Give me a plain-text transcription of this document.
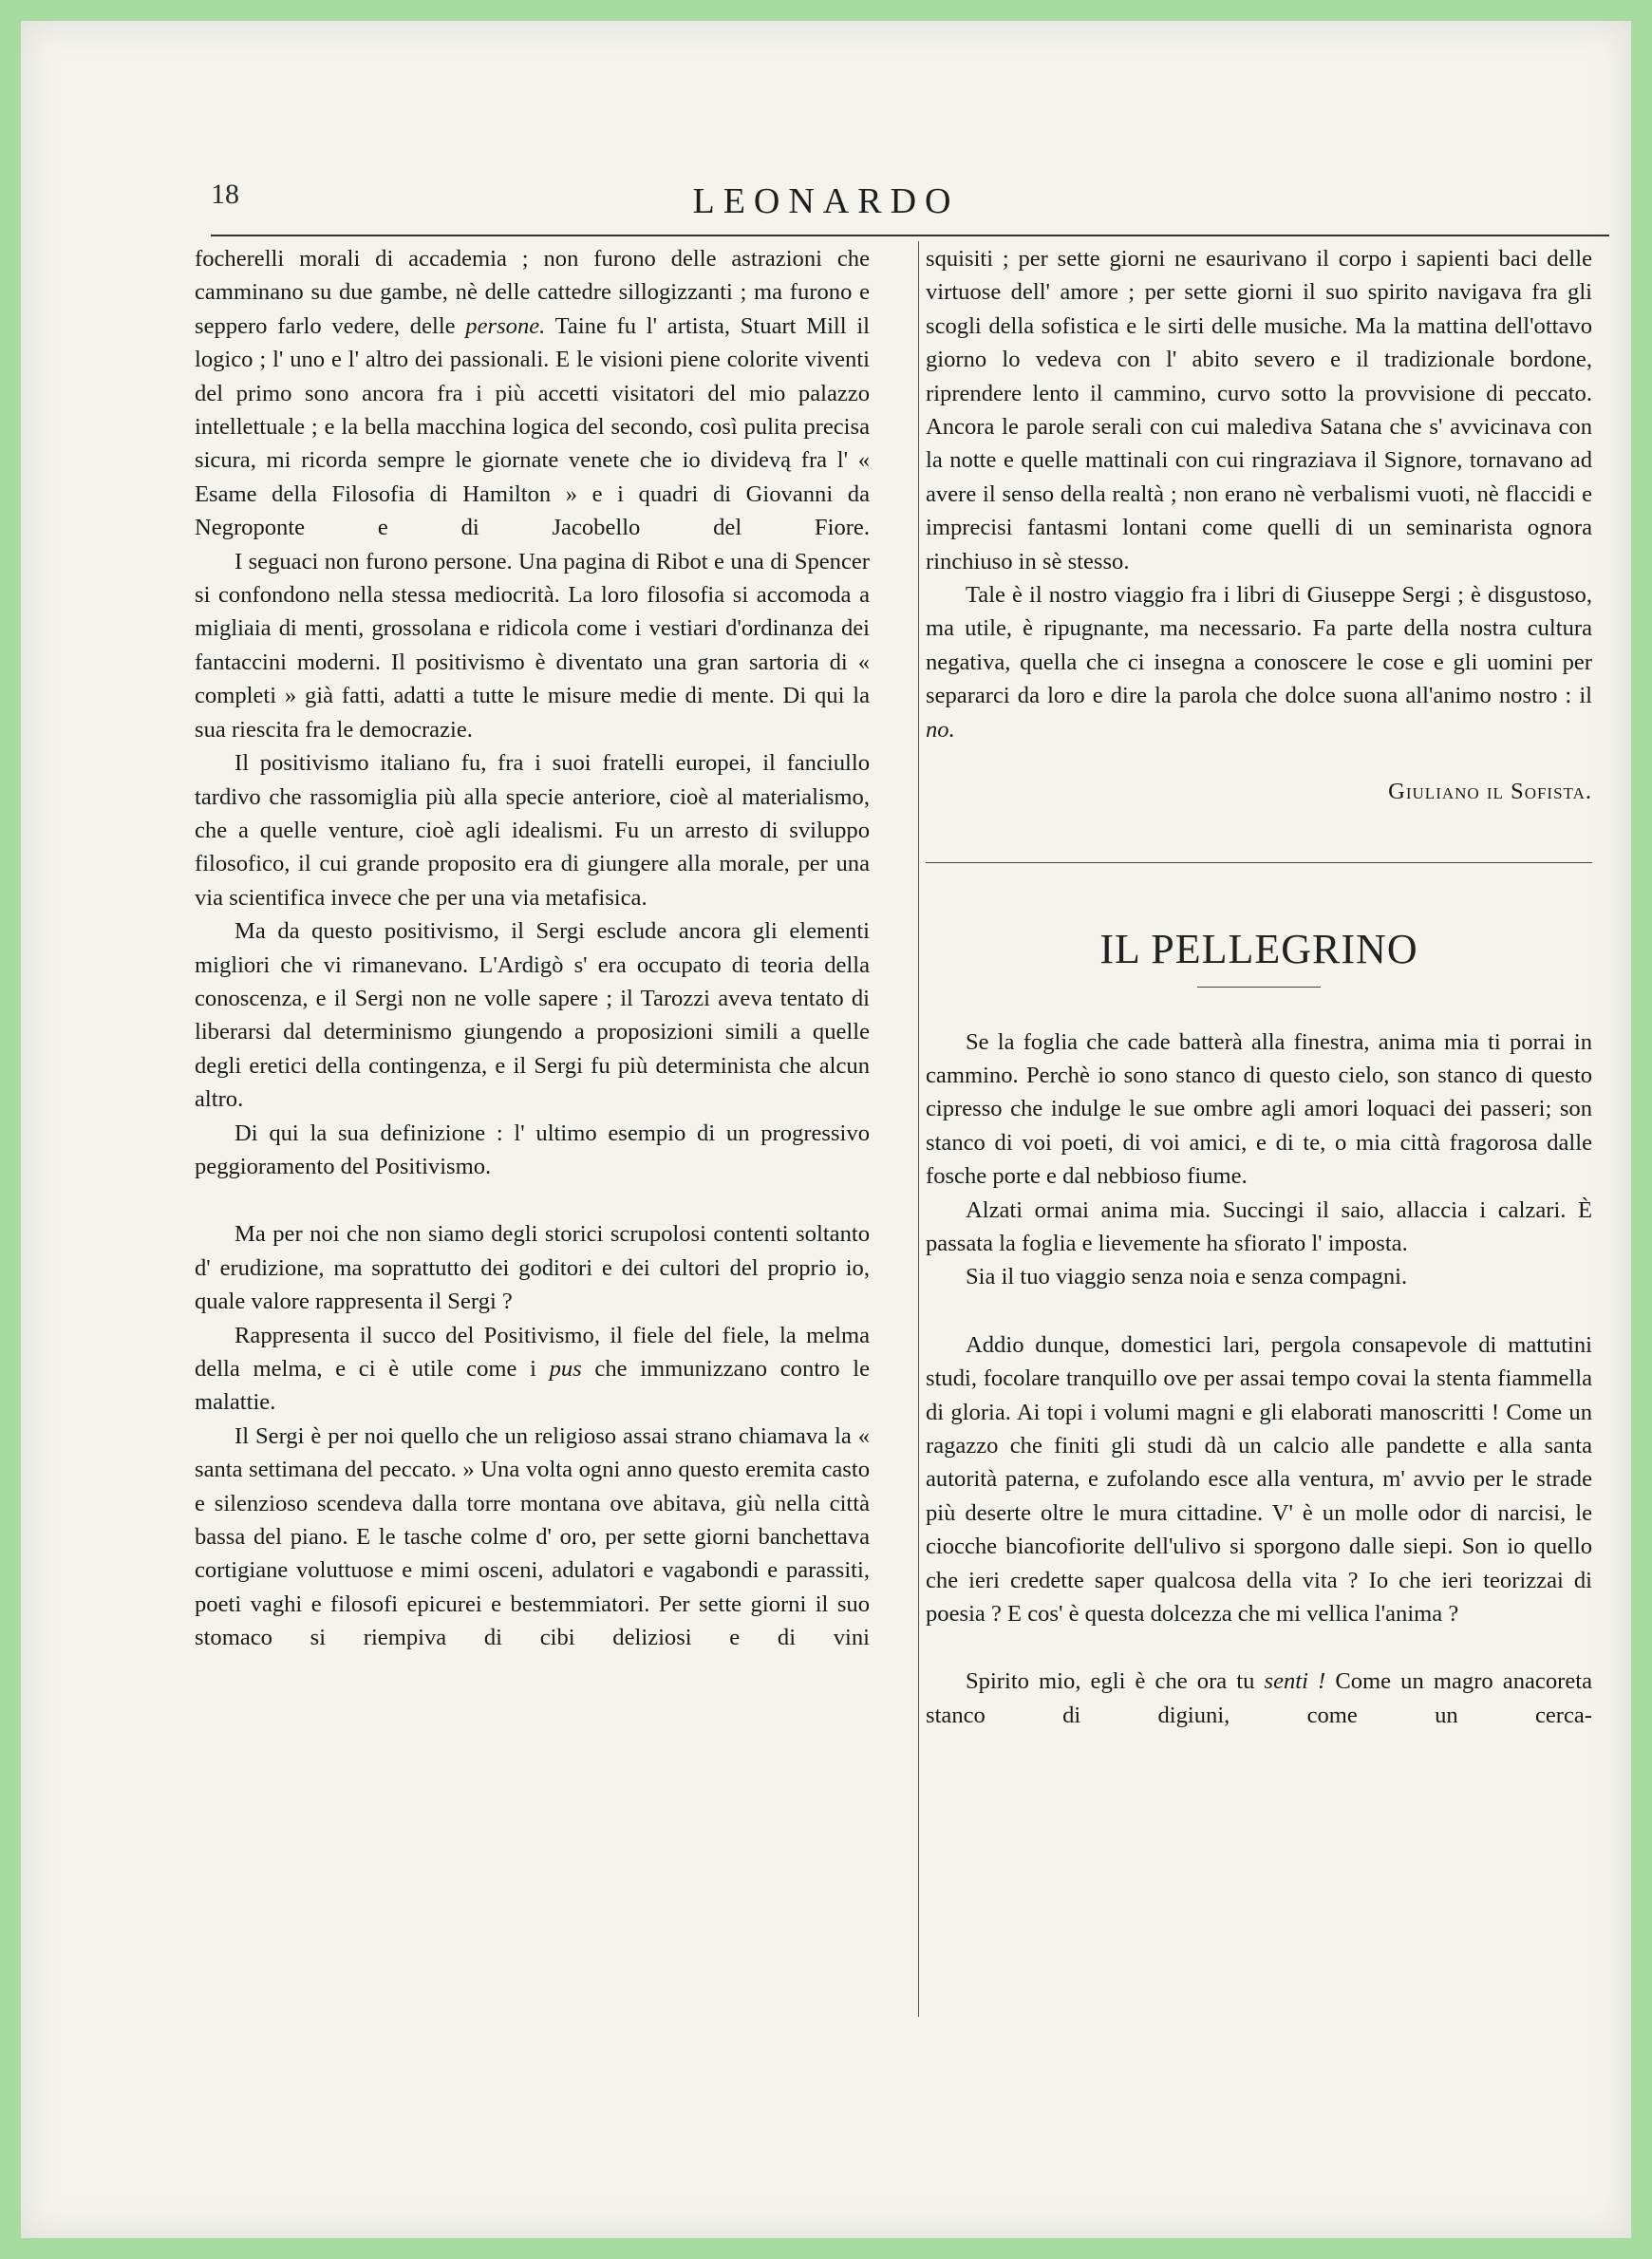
18	LEONARDO

focherelli morali di accademia ; non furono delle astrazioni che camminano su due gambe, nè delle cattedre sillogizzanti ; ma furono e seppero farlo vedere, delle persone. Taine fu l' artista, Stuart Mill il logico ; l' uno e l' altro dei passionali. E le visioni piene colorite viventi del primo sono ancora fra i più accetti visitatori del mio palazzo intellettuale ; e la bella macchina logica del secondo, così pulita precisa sicura, mi ricorda sempre le giornate venete che io dividevą fra l' « Esame della Filosofia di Hamilton » e i quadri di Giovanni da Negroponte e di Jacobello del Fiore.

I seguaci non furono persone. Una pagina di Ribot e una di Spencer si confondono nella stessa mediocrità. La loro filosofia si accomoda a migliaia di menti, grossolana e ridicola come i vestiari d'ordinanza dei fantaccini moderni. Il positivismo è diventato una gran sartoria di « completi » già fatti, adatti a tutte le misure medie di mente. Di qui la sua riescita fra le democrazie.

Il positivismo italiano fu, fra i suoi fratelli europei, il fanciullo tardivo che rassomiglia più alla specie anteriore, cioè al materialismo, che a quelle venture, cioè agli idealismi. Fu un arresto di sviluppo filosofico, il cui grande proposito era di giungere alla morale, per una via scientifica invece che per una via metafisica.

Ma da questo positivismo, il Sergi esclude ancora gli elementi migliori che vi rimanevano. L'Ardigò s' era occupato di teoria della conoscenza, e il Sergi non ne volle sapere ; il Tarozzi aveva tentato di liberarsi dal determinismo giungendo a proposizioni simili a quelle degli eretici della contingenza, e il Sergi fu più determinista che alcun altro.

Di qui la sua definizione : l' ultimo esempio di un progressivo peggioramento del Positivismo.

Ma per noi che non siamo degli storici scrupolosi contenti soltanto d' erudizione, ma soprattutto dei goditori e dei cultori del proprio io, quale valore rappresenta il Sergi ?

Rappresenta il succo del Positivismo, il fiele del fiele, la melma della melma, e ci è utile come i pus che immunizzano contro le malattie.

Il Sergi è per noi quello che un religioso assai strano chiamava la « santa settimana del peccato. » Una volta ogni anno questo eremita casto e silenzioso scendeva dalla torre montana ove abitava, giù nella città bassa del piano. E le tasche colme d' oro, per sette giorni banchettava cortigiane voluttuose e mimi osceni, adulatori e vagabondi e parassiti, poeti vaghi e filosofi epicurei e bestemmiatori. Per sette giorni il suo stomaco si riempiva di cibi deliziosi e di vini

squisiti ; per sette giorni ne esaurivano il corpo i sapienti baci delle virtuose dell' amore ; per sette giorni il suo spirito navigava fra gli scogli della sofistica e le sirti delle musiche. Ma la mattina dell'ottavo giorno lo vedeva con l' abito severo e il tradizionale bordone, riprendere lento il cammino, curvo sotto la provvisione di peccato. Ancora le parole serali con cui malediva Satana che s' avvicinava con la notte e quelle mattinali con cui ringraziava il Signore, tornavano ad avere il senso della realtà ; non erano nè verbalismi vuoti, nè flaccidi e imprecisi fantasmi lontani come quelli di un seminarista ognora rinchiuso in sè stesso.

Tale è il nostro viaggio fra i libri di Giuseppe Sergi ; è disgustoso, ma utile, è ripugnante, ma necessario. Fa parte della nostra cultura negativa, quella che ci insegna a conoscere le cose e gli uomini per separarci da loro e dire la parola che dolce suona all'animo nostro : il no.

Giuliano il Sofista.
IL PELLEGRINO

Se la foglia che cade batterà alla finestra, anima mia ti porrai in cammino. Perchè io sono stanco di questo cielo, son stanco di questo cipresso che indulge le sue ombre agli amori loquaci dei passeri; son stanco di voi poeti, di voi amici, e di te, o mia città fragorosa dalle fosche porte e dal nebbioso fiume.

Alzati ormai anima mia. Succingi il saio, allaccia i calzari. È passata la foglia e lievemente ha sfiorato l' imposta.

Sia il tuo viaggio senza noia e senza compagni.

Addio dunque, domestici lari, pergola consapevole di mattutini studi, focolare tranquillo ove per assai tempo covai la stenta fiammella di gloria. Ai topi i volumi magni e gli elaborati manoscritti ! Come un ragazzo che finiti gli studi dà un calcio alle pandette e alla santa autorità paterna, e zufolando esce alla ventura, m' avvio per le strade più deserte oltre le mura cittadine. V' è un molle odor di narcisi, le ciocche biancofiorite dell'ulivo si sporgono dalle siepi. Son io quello che ieri credette saper qualcosa della vita ? Io che ieri teorizzai di poesia ? E cos' è questa dolcezza che mi vellica l'anima ?

Spirito mio, egli è che ora tu senti ! Come un magro anacoreta stanco di digiuni, come un cerca-
